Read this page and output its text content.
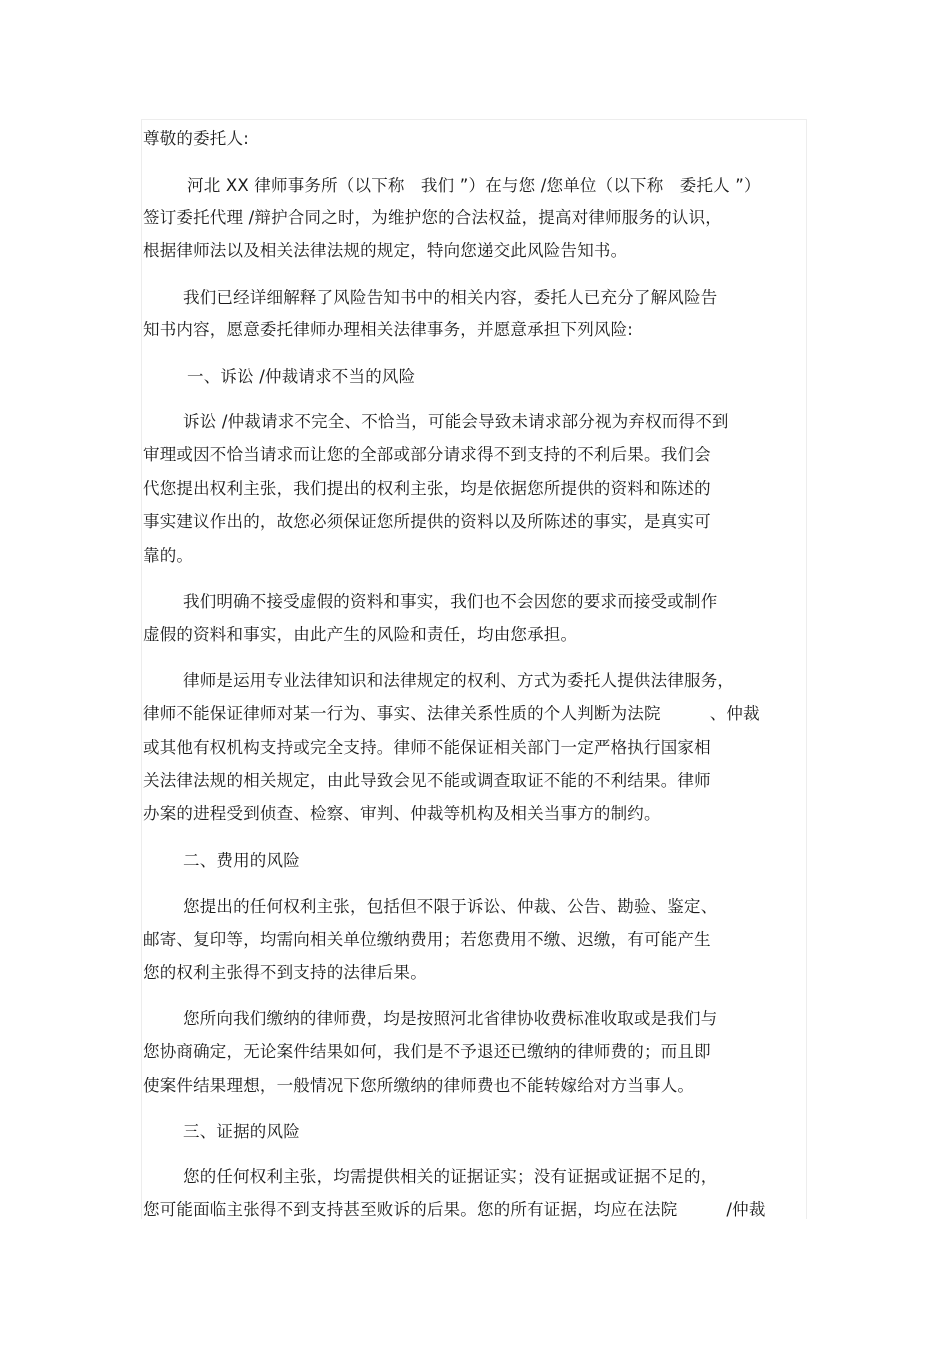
尊敬的委托人:
河北 XX 律师事务所（以下称   我们 ”）在与您 /您单位（以下称   委托人 ”）
签订委托代理 /辩护合同之时，为维护您的合法权益，提高对律师服务的认识，
根据律师法以及相关法律法规的规定，特向您递交此风险告知书。
我们已经详细解释了风险告知书中的相关内容，委托人已充分了解风险告
知书内容，愿意委托律师办理相关法律事务，并愿意承担下列风险:
一、诉讼 /仲裁请求不当的风险
诉讼 /仲裁请求不完全、不恰当，可能会导致未请求部分视为弃权而得不到
审理或因不恰当请求而让您的全部或部分请求得不到支持的不利后果。我们会
代您提出权利主张，我们提出的权利主张，均是依据您所提供的资料和陈述的
事实建议作出的，故您必须保证您所提供的资料以及所陈述的事实，是真实可
靠的。
我们明确不接受虚假的资料和事实，我们也不会因您的要求而接受或制作
虚假的资料和事实，由此产生的风险和责任，均由您承担。
律师是运用专业法律知识和法律规定的权利、方式为委托人提供法律服务，
律师不能保证律师对某一行为、事实、法律关系性质的个人判断为法院         、仲裁
或其他有权机构支持或完全支持。律师不能保证相关部门一定严格执行国家相
关法律法规的相关规定，由此导致会见不能或调查取证不能的不利结果。律师
办案的进程受到侦查、检察、审判、仲裁等机构及相关当事方的制约。
二、费用的风险
您提出的任何权利主张，包括但不限于诉讼、仲裁、公告、勘验、鉴定、
邮寄、复印等，均需向相关单位缴纳费用；若您费用不缴、迟缴，有可能产生
您的权利主张得不到支持的法律后果。
您所向我们缴纳的律师费，均是按照河北省律协收费标准收取或是我们与
您协商确定，无论案件结果如何，我们是不予退还已缴纳的律师费的；而且即
使案件结果理想，一般情况下您所缴纳的律师费也不能转嫁给对方当事人。
三、证据的风险
您的任何权利主张，均需提供相关的证据证实；没有证据或证据不足的，
您可能面临主张得不到支持甚至败诉的后果。您的所有证据，均应在法院         /仲裁
